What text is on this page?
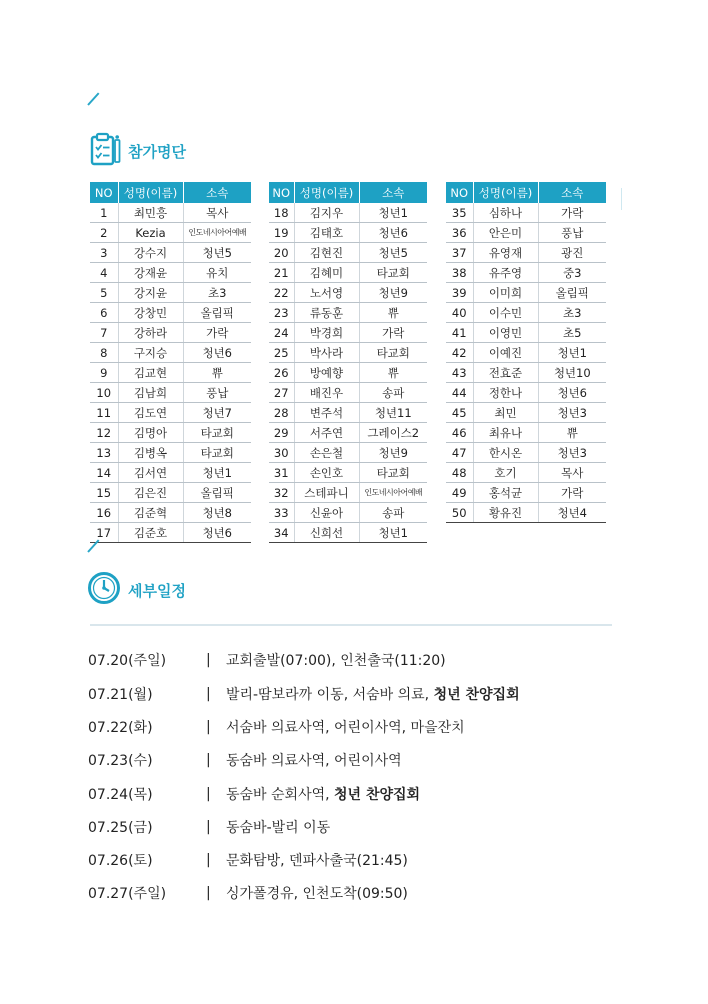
참가명단
NO	성명(이름)	소속
1	최민흥	목사
2	Kezia	인도네시아어예배
3	강수지	청년5
4	강재윤	유치
5	강지윤	초3
6	강창민	올림픽
7	강하라	가락
8	구지승	청년6
9	김교현	쀼
10	김남희	풍납
11	김도연	청년7
12	김명아	타교회
13	김병옥	타교회
14	김서연	청년1
15	김은진	올림픽
16	김준혁	청년8
17	김준호	청년6
NO	성명(이름)	소속
18	김지우	청년1
19	김태호	청년6
20	김현진	청년5
21	김혜미	타교회
22	노서영	청년9
23	류동훈	쀼
24	박경희	가락
25	박사라	타교회
26	방예향	쀼
27	배진우	송파
28	변주석	청년11
29	서주연	그레이스2
30	손은철	청년9
31	손인호	타교회
32	스테파니	인도네시아어예배
33	신윤아	송파
34	신희선	청년1
NO	성명(이름)	소속
35	심하나	가락
36	안은미	풍납
37	유영재	광진
38	유주영	중3
39	이미희	올림픽
40	이수민	초3
41	이영민	초5
42	이예진	청년1
43	전효준	청년10
44	정한나	청년6
45	최민	청년3
46	최유나	쀼
47	한시온	청년3
48	호기	목사
49	홍석균	가락
50	황유진	청년4
세부일정
07.20(주일)	|	교회출발(07:00), 인천출국(11:20)
07.21(월)	|	발리-땀보라까 이동, 서숨바 의료, 청년 찬양집회
07.22(화)	|	서숨바 의료사역, 어린이사역, 마을잔치
07.23(수)	|	동숨바 의료사역, 어린이사역
07.24(목)	|	동숨바 순회사역, 청년 찬양집회
07.25(금)	|	동숨바-발리 이동
07.26(토)	|	문화탐방, 덴파사출국(21:45)
07.27(주일)	|	싱가폴경유, 인천도착(09:50)
